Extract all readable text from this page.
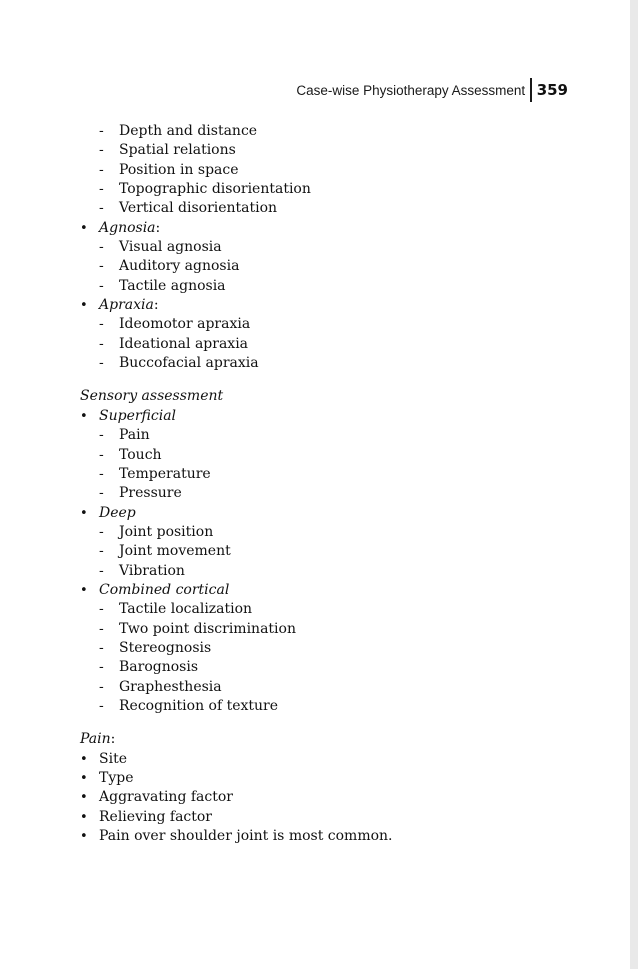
Case-wise Physiotherapy Assessment 359
- Depth and distance
- Spatial relations
- Position in space
- Topographic disorientation
- Vertical disorientation
• Agnosia:
- Visual agnosia
- Auditory agnosia
- Tactile agnosia
• Apraxia:
- Ideomotor apraxia
- Ideational apraxia
- Buccofacial apraxia
Sensory assessment
• Superficial
- Pain
- Touch
- Temperature
- Pressure
• Deep
- Joint position
- Joint movement
- Vibration
• Combined cortical
- Tactile localization
- Two point discrimination
- Stereognosis
- Barognosis
- Graphesthesia
- Recognition of texture
Pain:
• Site
• Type
• Aggravating factor
• Relieving factor
• Pain over shoulder joint is most common.
